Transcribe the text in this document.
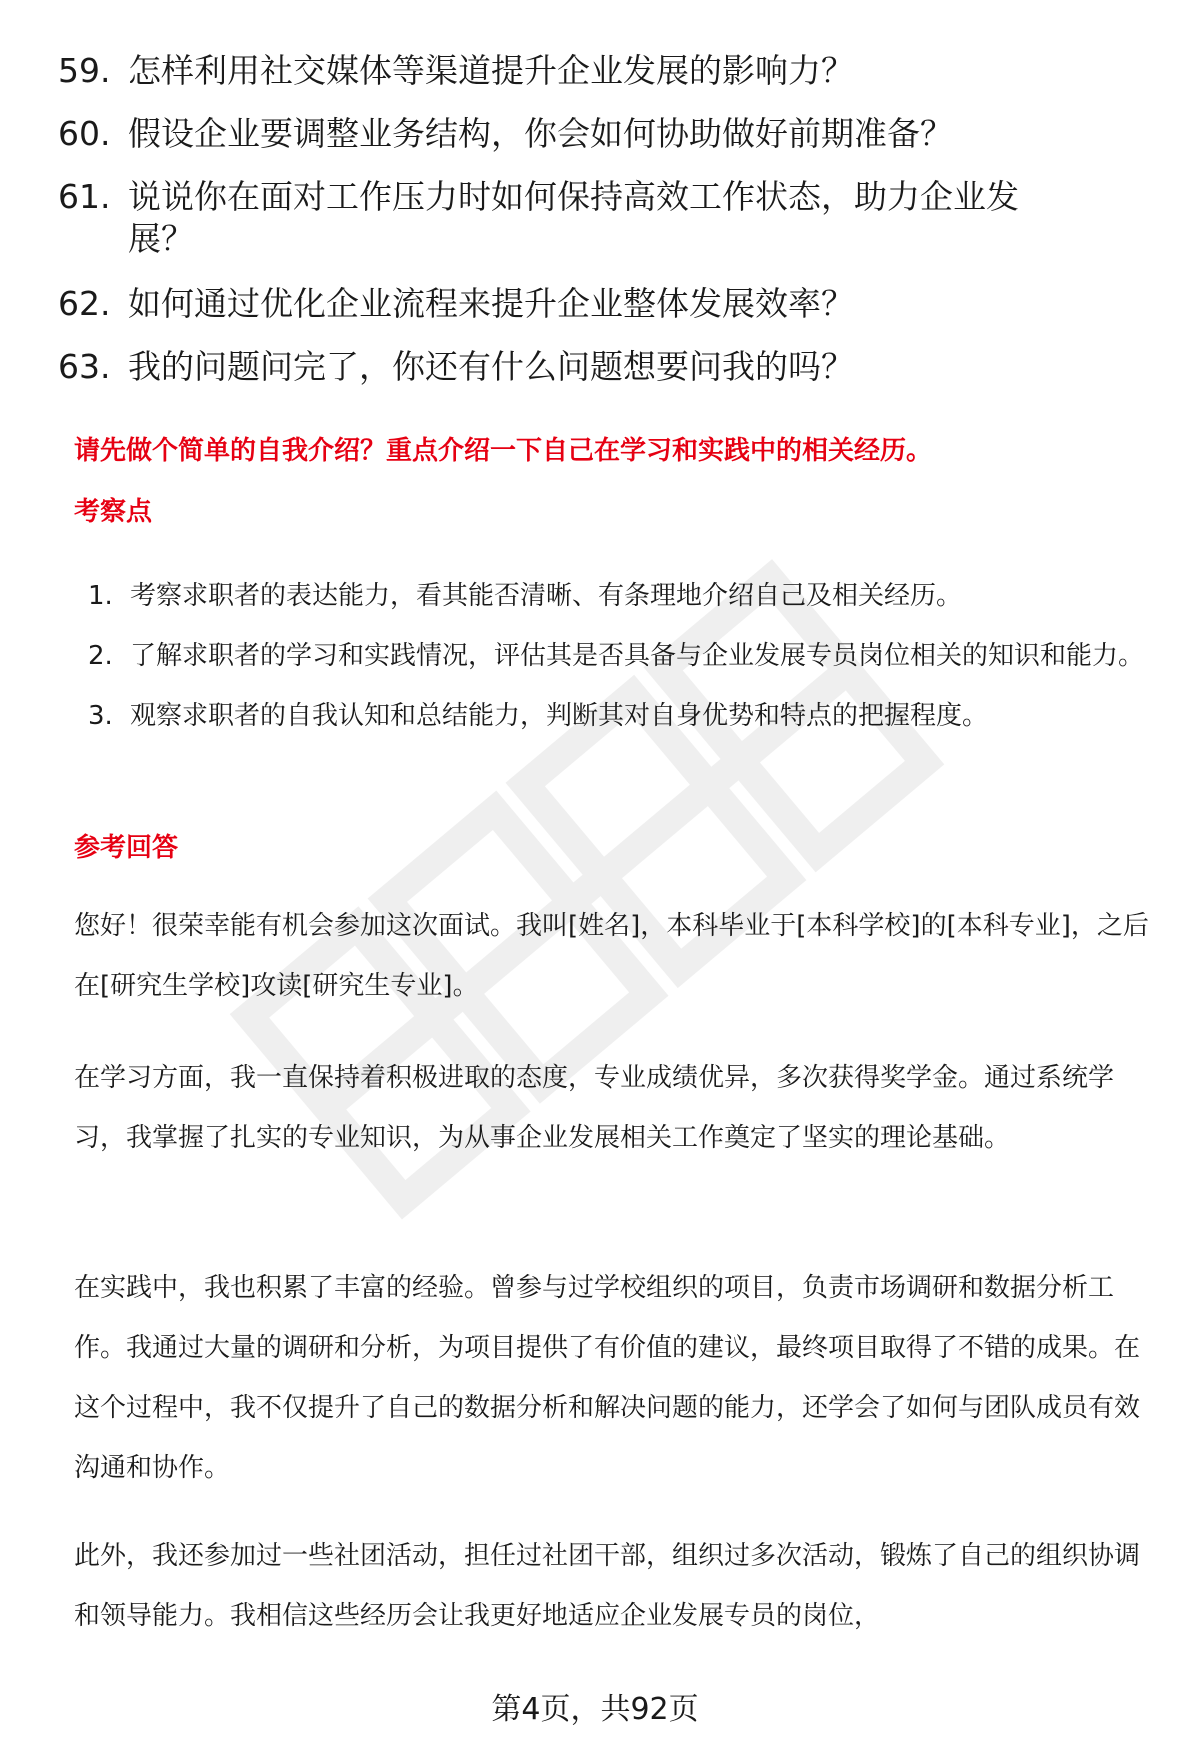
59. 怎样利用社交媒体等渠道提升企业发展的影响力？
60. 假设企业要调整业务结构，你会如何协助做好前期准备？
61. 说说你在面对工作压力时如何保持高效工作状态，助力企业发展？
62. 如何通过优化企业流程来提升企业整体发展效率？
63. 我的问题问完了，你还有什么问题想要问我的吗？
请先做个简单的自我介绍？重点介绍一下自己在学习和实践中的相关经历。
考察点
1. 考察求职者的表达能力，看其能否清晰、有条理地介绍自己及相关经历。
2. 了解求职者的学习和实践情况，评估其是否具备与企业发展专员岗位相关的知识和能力。
3. 观察求职者的自我认知和总结能力，判断其对自身优势和特点的把握程度。
参考回答

您好！很荣幸能有机会参加这次面试。我叫[姓名]，本科毕业于[本科学校]的[本科专业]，之后在[研究生学校]攻读[研究生专业]。

在学习方面，我一直保持着积极进取的态度，专业成绩优异，多次获得奖学金。通过系统学习，我掌握了扎实的专业知识，为从事企业发展相关工作奠定了坚实的理论基础。

在实践中，我也积累了丰富的经验。曾参与过学校组织的项目，负责市场调研和数据分析工作。我通过大量的调研和分析，为项目提供了有价值的建议，最终项目取得了不错的成果。在这个过程中，我不仅提升了自己的数据分析和解决问题的能力，还学会了如何与团队成员有效沟通和协作。

此外，我还参加过一些社团活动，担任过社团干部，组织过多次活动，锻炼了自己的组织协调和领导能力。我相信这些经历会让我更好地适应企业发展专员的岗位，

第4页，共92页
